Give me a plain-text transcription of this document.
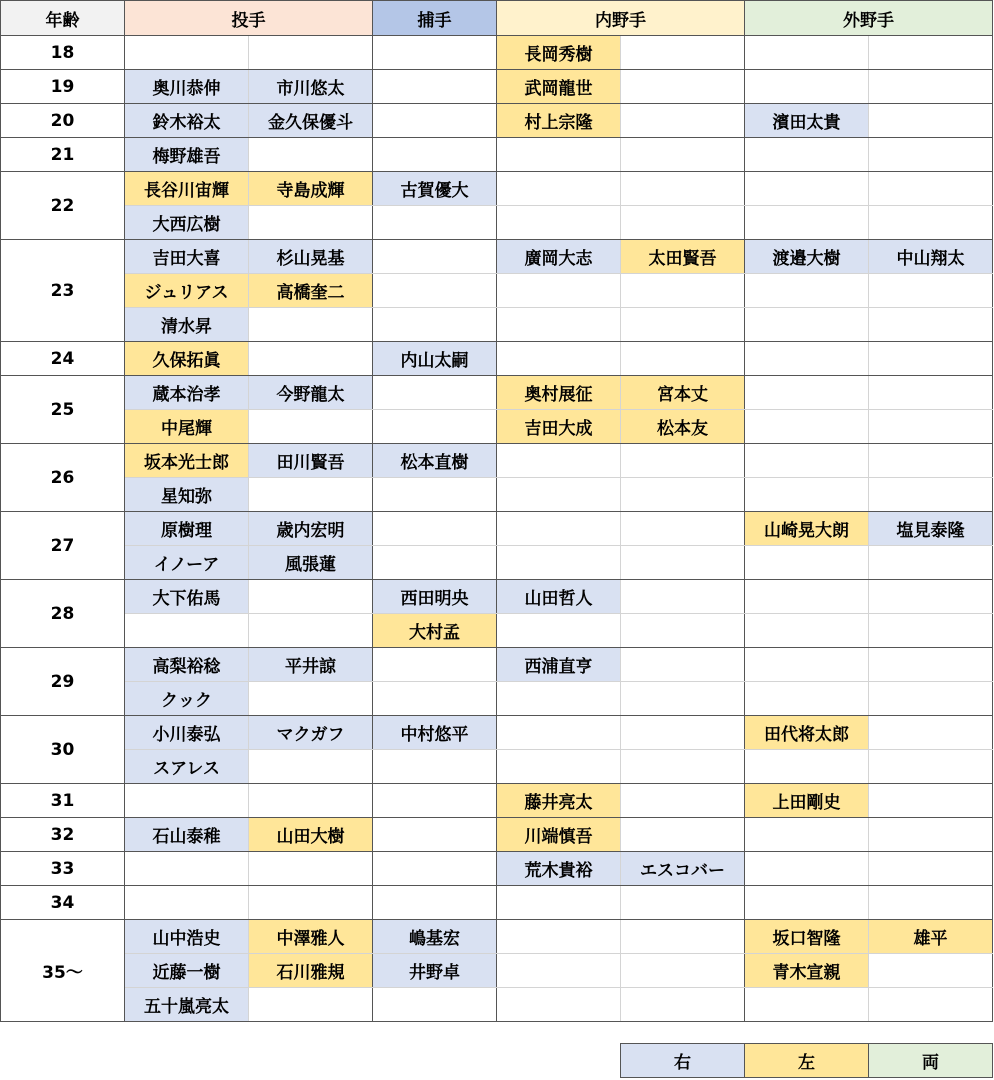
年齢	投手		捕手	内野手		外野手	
18				長岡秀樹			
19	奥川恭伸	市川悠太		武岡龍世			
20	鈴木裕太	金久保優斗		村上宗隆		濱田太貴	
21	梅野雄吾						
22	長谷川宙輝	寺島成輝	古賀優大				
	大西広樹						
23	吉田大喜	杉山晃基		廣岡大志	太田賢吾	渡邉大樹	中山翔太
	ジュリアス	高橋奎二					
	清水昇						
24	久保拓眞		内山太嗣				
25	蔵本治孝	今野龍太		奥村展征	宮本丈		
	中尾輝			吉田大成	松本友		
26	坂本光士郎	田川賢吾	松本直樹				
	星知弥						
27	原樹理	歳内宏明				山崎晃大朗	塩見泰隆
	イノーア	風張蓮					
28	大下佑馬		西田明央	山田哲人			
			大村孟				
29	高梨裕稔	平井諒		西浦直亨			
	クック						
30	小川泰弘	マクガフ	中村悠平			田代将太郎	
	スアレス						
31				藤井亮太		上田剛史	
32	石山泰稚	山田大樹		川端慎吾			
33				荒木貴裕	エスコバー		
34							
35～	山中浩史	中澤雅人	嶋基宏			坂口智隆	雄平
	近藤一樹	石川雅規	井野卓			青木宣親	
	五十嵐亮太						
右	左	両
